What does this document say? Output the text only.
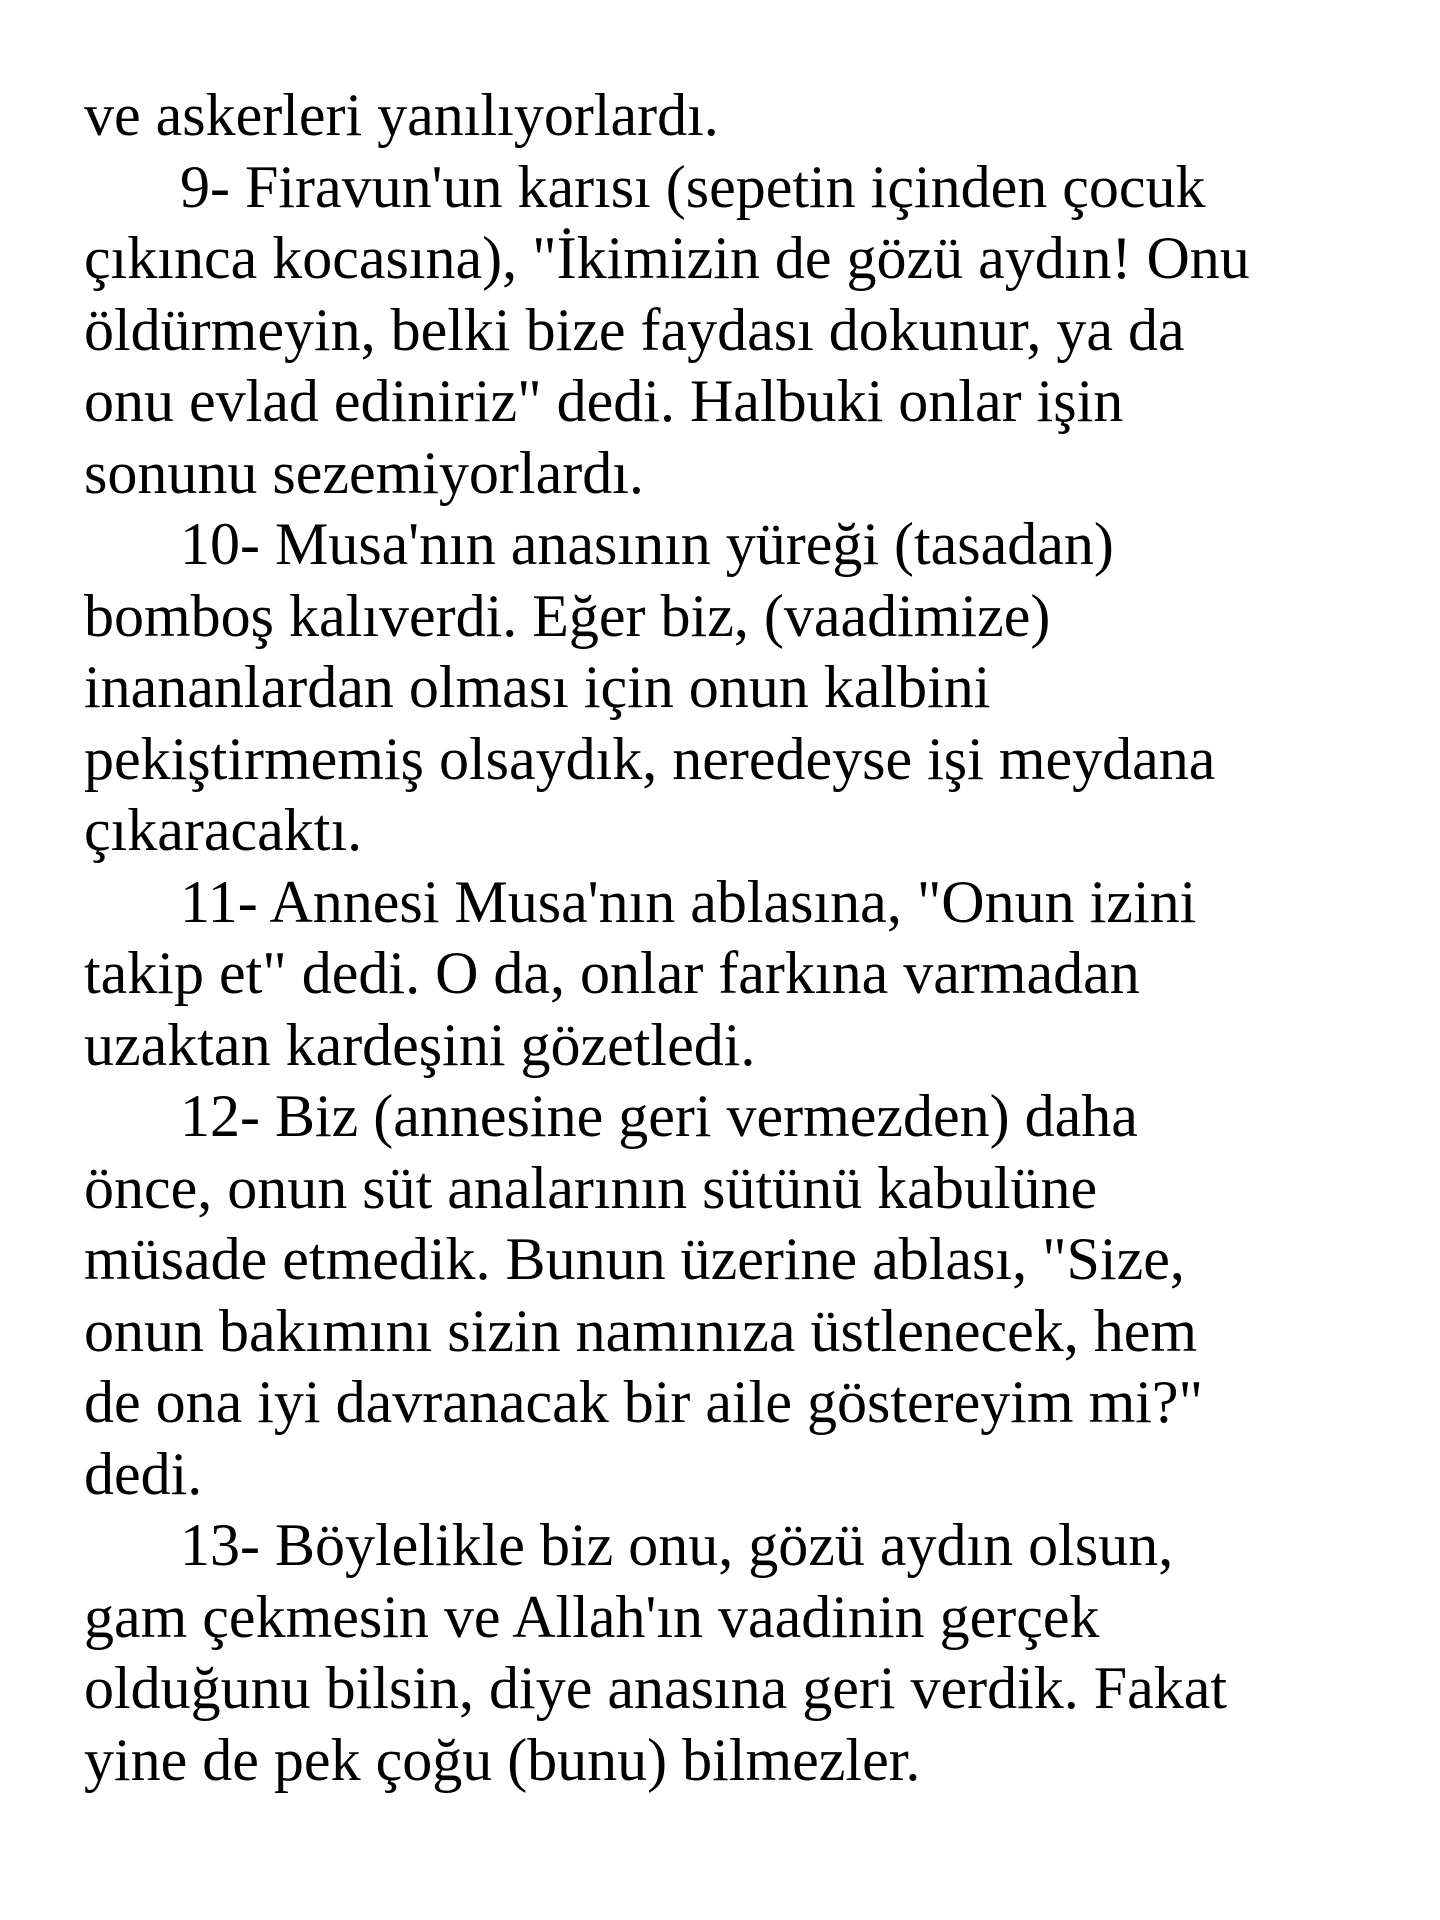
ve askerleri yanılıyorlardı.
9- Firavun'un karısı (sepetin içinden çocuk
çıkınca kocasına), "İkimizin de gözü aydın! Onu
öldürmeyin, belki bize faydası dokunur, ya da
onu evlad ediniriz" dedi. Halbuki onlar işin
sonunu sezemiyorlardı.
10- Musa'nın anasının yüreği (tasadan)
bomboş kalıverdi. Eğer biz, (vaadimize)
inananlardan olması için onun kalbini
pekiştirmemiş olsaydık, neredeyse işi meydana
çıkaracaktı.
11- Annesi Musa'nın ablasına, "Onun izini
takip et" dedi. O da, onlar farkına varmadan
uzaktan kardeşini gözetledi.
12- Biz (annesine geri vermezden) daha
önce, onun süt analarının sütünü kabulüne
müsade etmedik. Bunun üzerine ablası, "Size,
onun bakımını sizin namınıza üstlenecek, hem
de ona iyi davranacak bir aile göstereyim mi?"
dedi.
13- Böylelikle biz onu, gözü aydın olsun,
gam çekmesin ve Allah'ın vaadinin gerçek
olduğunu bilsin, diye anasına geri verdik. Fakat
yine de pek çoğu (bunu) bilmezler.
